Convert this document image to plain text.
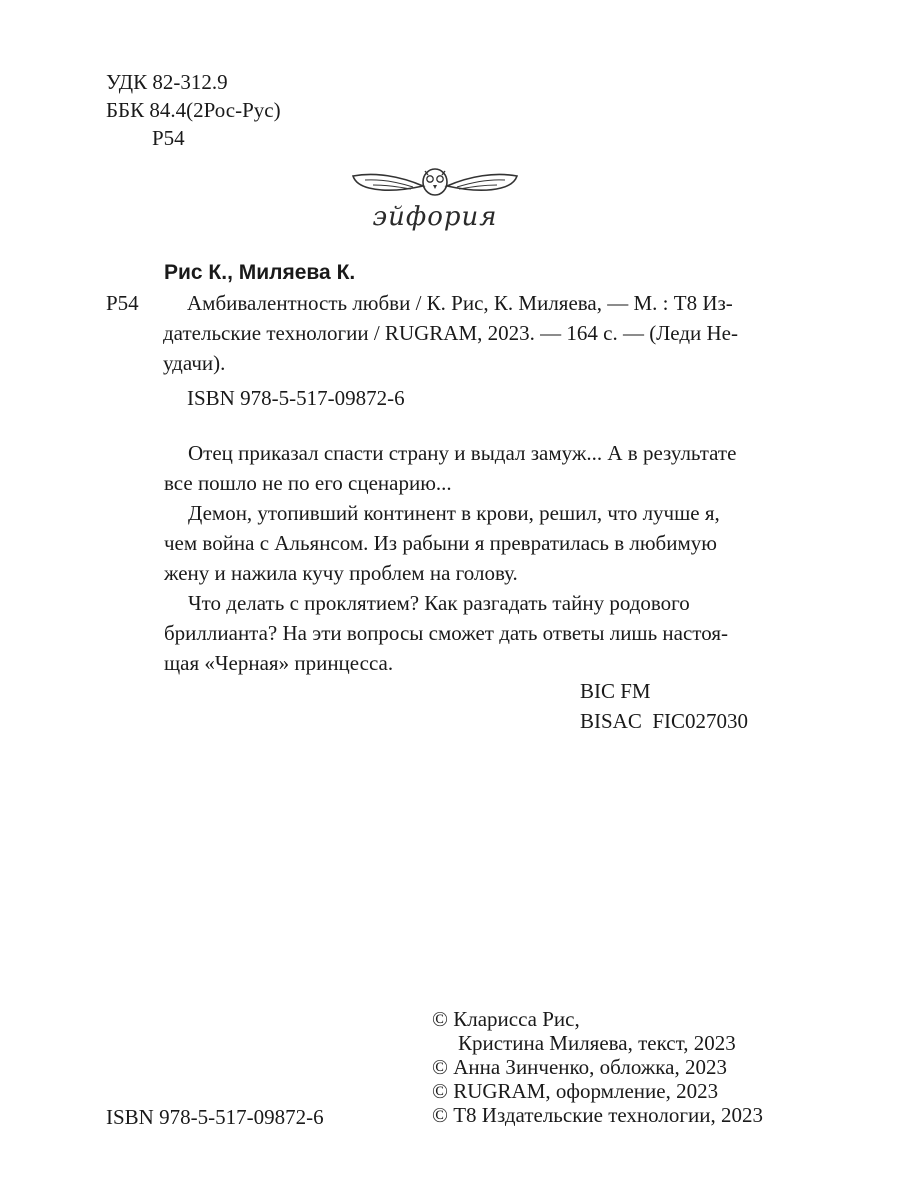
УДК 82-312.9
ББК 84.4(2Рос-Рус)
Р54
эйфория
Рис К., Миляева К.
Р54 Амбивалентность любви / К. Рис, К. Миляева, — М. : Т8 Из-
дательские технологии / RUGRAM, 2023. — 164 с. — (Леди Не-
удачи).
ISBN 978-5-517-09872-6
Отец приказал спасти страну и выдал замуж... А в результате
все пошло не по его сценарию...
Демон, утопивший континент в крови, решил, что лучше я,
чем война с Альянсом. Из рабыни я превратилась в любимую
жену и нажила кучу проблем на голову.
Что делать с проклятием? Как разгадать тайну родового
бриллианта? На эти вопросы сможет дать ответы лишь настоя-
щая «Черная» принцесса.
BIC FM
BISAC  FIC027030
ISBN 978-5-517-09872-6
© Кларисса Рис,
Кристина Миляева, текст, 2023
© Анна Зинченко, обложка, 2023
© RUGRAM, оформление, 2023
© Т8 Издательские технологии, 2023
